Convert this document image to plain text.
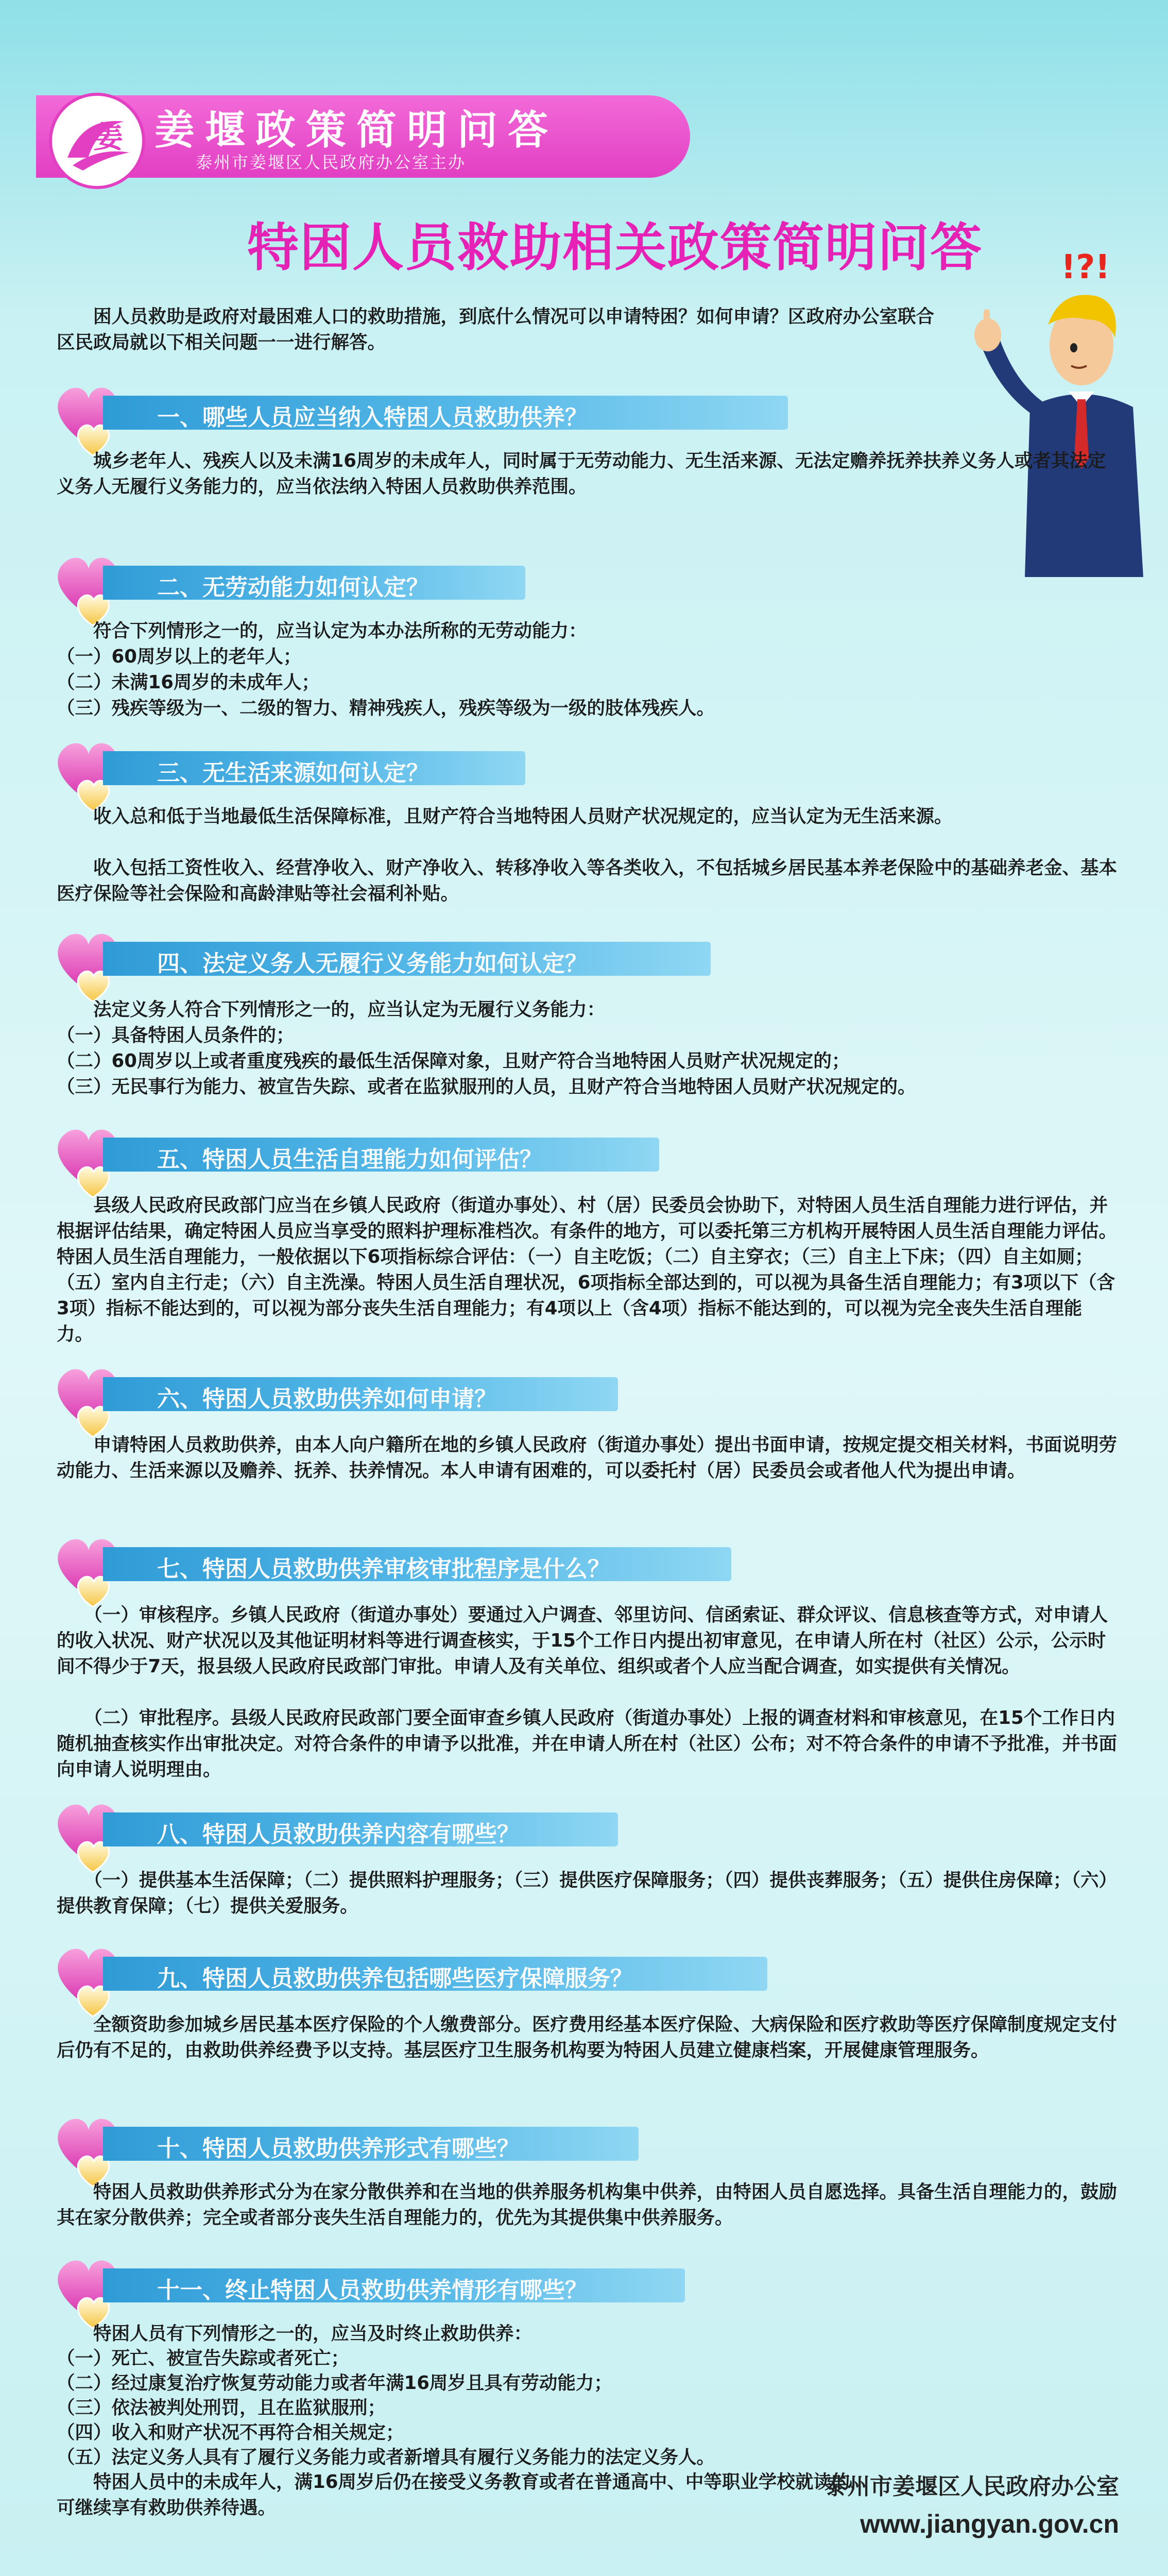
姜 姜堰政策简明问答
泰州市姜堰区人民政府办公室主办
特困人员救助相关政策简明问答 !?!

　　困人员救助是政府对最困难人口的救助措施，到底什么情况可以申请特困？如何申请？区政府办公室联合区民政局就以下相关问题一一进行解答。

一、哪些人员应当纳入特困人员救助供养？

　　城乡老年人、残疾人以及未满16周岁的未成年人，同时属于无劳动能力、无生活来源、无法定赡养抚养扶养义务人或者其法定义务人无履行义务能力的，应当依法纳入特困人员救助供养范围。

二、无劳动能力如何认定？

　　符合下列情形之一的，应当认定为本办法所称的无劳动能力：

（一）60周岁以上的老年人；

（二）未满16周岁的未成年人；

（三）残疾等级为一、二级的智力、精神残疾人，残疾等级为一级的肢体残疾人。

三、无生活来源如何认定？

　　收入总和低于当地最低生活保障标准，且财产符合当地特困人员财产状况规定的，应当认定为无生活来源。

　　收入包括工资性收入、经营净收入、财产净收入、转移净收入等各类收入，不包括城乡居民基本养老保险中的基础养老金、基本医疗保险等社会保险和高龄津贴等社会福利补贴。

四、法定义务人无履行义务能力如何认定？

　　法定义务人符合下列情形之一的，应当认定为无履行义务能力：

（一）具备特困人员条件的；

（二）60周岁以上或者重度残疾的最低生活保障对象，且财产符合当地特困人员财产状况规定的；

（三）无民事行为能力、被宣告失踪、或者在监狱服刑的人员，且财产符合当地特困人员财产状况规定的。

五、特困人员生活自理能力如何评估？

　　县级人民政府民政部门应当在乡镇人民政府（街道办事处）、村（居）民委员会协助下，对特困人员生活自理能力进行评估，并根据评估结果，确定特困人员应当享受的照料护理标准档次。有条件的地方，可以委托第三方机构开展特困人员生活自理能力评估。特困人员生活自理能力，一般依据以下6项指标综合评估：（一）自主吃饭；（二）自主穿衣；（三）自主上下床；（四）自主如厕；（五）室内自主行走；（六）自主洗澡。特困人员生活自理状况，6项指标全部达到的，可以视为具备生活自理能力；有3项以下（含3项）指标不能达到的，可以视为部分丧失生活自理能力；有4项以上（含4项）指标不能达到的，可以视为完全丧失生活自理能力。

六、特困人员救助供养如何申请？

　　申请特困人员救助供养，由本人向户籍所在地的乡镇人民政府（街道办事处）提出书面申请，按规定提交相关材料，书面说明劳动能力、生活来源以及赡养、抚养、扶养情况。本人申请有困难的，可以委托村（居）民委员会或者他人代为提出申请。

七、特困人员救助供养审核审批程序是什么？

　　（一）审核程序。乡镇人民政府（街道办事处）要通过入户调查、邻里访问、信函索证、群众评议、信息核查等方式，对申请人的收入状况、财产状况以及其他证明材料等进行调查核实，于15个工作日内提出初审意见，在申请人所在村（社区）公示，公示时间不得少于7天，报县级人民政府民政部门审批。申请人及有关单位、组织或者个人应当配合调查，如实提供有关情况。

　　（二）审批程序。县级人民政府民政部门要全面审查乡镇人民政府（街道办事处）上报的调查材料和审核意见，在15个工作日内随机抽查核实作出审批决定。对符合条件的申请予以批准，并在申请人所在村（社区）公布；对不符合条件的申请不予批准，并书面向申请人说明理由。

八、特困人员救助供养内容有哪些？

　　（一）提供基本生活保障；（二）提供照料护理服务；（三）提供医疗保障服务；（四）提供丧葬服务；（五）提供住房保障；（六）提供教育保障；（七）提供关爱服务。

九、特困人员救助供养包括哪些医疗保障服务？

　　全额资助参加城乡居民基本医疗保险的个人缴费部分。医疗费用经基本医疗保险、大病保险和医疗救助等医疗保障制度规定支付后仍有不足的，由救助供养经费予以支持。基层医疗卫生服务机构要为特困人员建立健康档案，开展健康管理服务。

十、特困人员救助供养形式有哪些？

　　特困人员救助供养形式分为在家分散供养和在当地的供养服务机构集中供养，由特困人员自愿选择。具备生活自理能力的，鼓励其在家分散供养；完全或者部分丧失生活自理能力的，优先为其提供集中供养服务。

十一、终止特困人员救助供养情形有哪些？

　　特困人员有下列情形之一的，应当及时终止救助供养：

（一）死亡、被宣告失踪或者死亡；

（二）经过康复治疗恢复劳动能力或者年满16周岁且具有劳动能力；

（三）依法被判处刑罚，且在监狱服刑；

（四）收入和财产状况不再符合相关规定；

（五）法定义务人具有了履行义务能力或者新增具有履行义务能力的法定义务人。

　　特困人员中的未成年人，满16周岁后仍在接受义务教育或者在普通高中、中等职业学校就读的，可继续享有救助供养待遇。

泰州市姜堰区人民政府办公室
www.jiangyan.gov.cn
